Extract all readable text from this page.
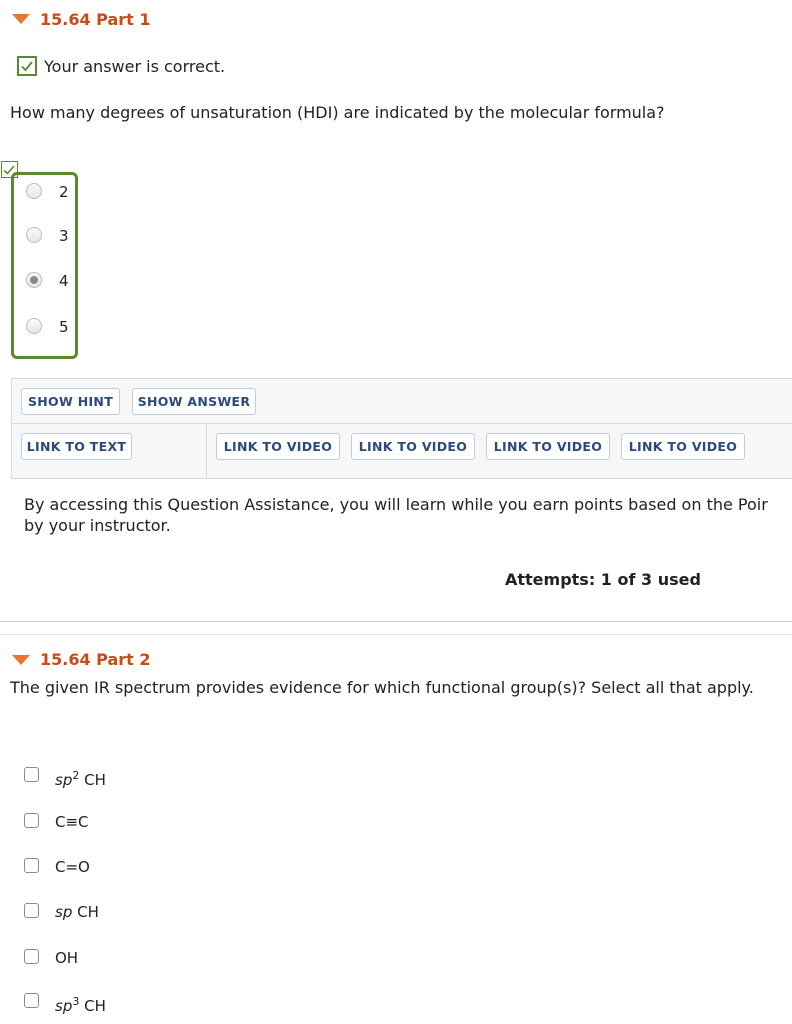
15.64 Part 1
Your answer is correct.
How many degrees of unsaturation (HDI) are indicated by the molecular formula?
2
3
4
5
SHOW HINT	SHOW ANSWER
LINK TO TEXT	LINK TO VIDEO	LINK TO VIDEO	LINK TO VIDEO	LINK TO VIDEO
By accessing this Question Assistance, you will learn while you earn points based on the Poir
by your instructor.
Attempts: 1 of 3 used
15.64 Part 2
The given IR spectrum provides evidence for which functional group(s)? Select all that apply.
$sp^2$ CH
C≡C
C=O
sp CH
OH
$sp^3$ CH
